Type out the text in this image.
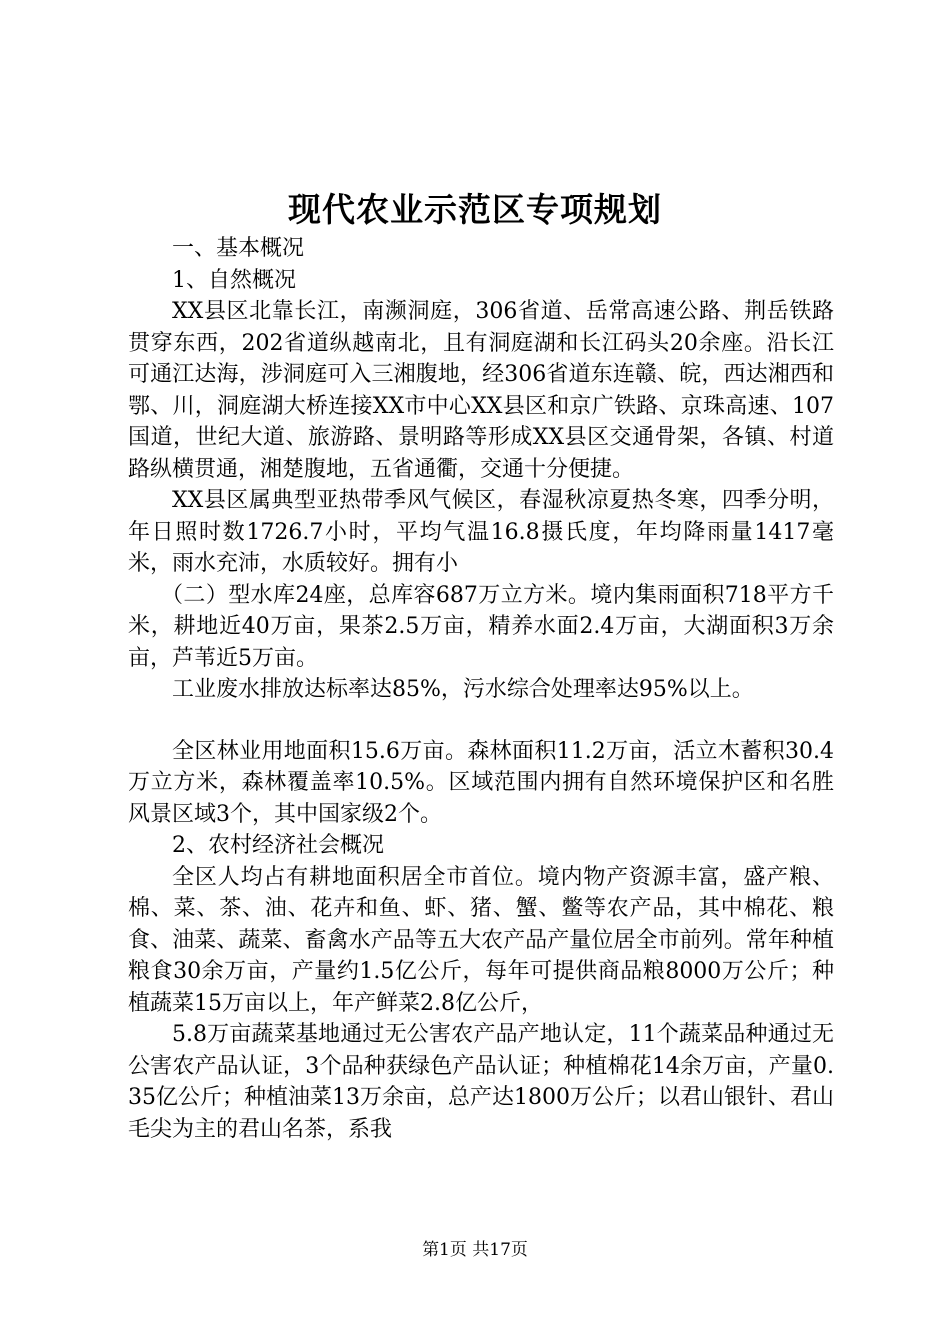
现代农业示范区专项规划

一、基本概况

1、自然概况

XX县区北靠长江，南濒洞庭，306省道、岳常高速公路、荆岳铁路贯穿东西，202省道纵越南北，且有洞庭湖和长江码头20余座。沿长江可通江达海，涉洞庭可入三湘腹地，经306省道东连赣、皖，西达湘西和鄂、川，洞庭湖大桥连接XX市中心XX县区和京广铁路、京珠高速、107国道，世纪大道、旅游路、景明路等形成XX县区交通骨架，各镇、村道路纵横贯通，湘楚腹地，五省通衢，交通十分便捷。

XX县区属典型亚热带季风气候区，春湿秋凉夏热冬寒，四季分明，年日照时数1726.7小时，平均气温16.8摄氏度，年均降雨量1417毫米，雨水充沛，水质较好。拥有小

（二）型水库24座，总库容687万立方米。境内集雨面积718平方千米，耕地近40万亩，果茶2.5万亩，精养水面2.4万亩，大湖面积3万余亩，芦苇近5万亩。

工业废水排放达标率达85%，污水综合处理率达95%以上。

全区林业用地面积15.6万亩。森林面积11.2万亩，活立木蓄积30.4万立方米，森林覆盖率10.5%。区域范围内拥有自然环境保护区和名胜风景区域3个，其中国家级2个。

2、农村经济社会概况

全区人均占有耕地面积居全市首位。境内物产资源丰富，盛产粮、棉、菜、茶、油、花卉和鱼、虾、猪、蟹、鳖等农产品，其中棉花、粮食、油菜、蔬菜、畜禽水产品等五大农产品产量位居全市前列。常年种植粮食30余万亩，产量约1.5亿公斤，每年可提供商品粮8000万公斤；种植蔬菜15万亩以上，年产鲜菜2.8亿公斤，

5.8万亩蔬菜基地通过无公害农产品产地认定，11个蔬菜品种通过无公害农产品认证，3个品种获绿色产品认证；种植棉花14余万亩，产量0.35亿公斤；种植油菜13万余亩，总产达1800万公斤；以君山银针、君山毛尖为主的君山名茶，系我

第1页 共17页
